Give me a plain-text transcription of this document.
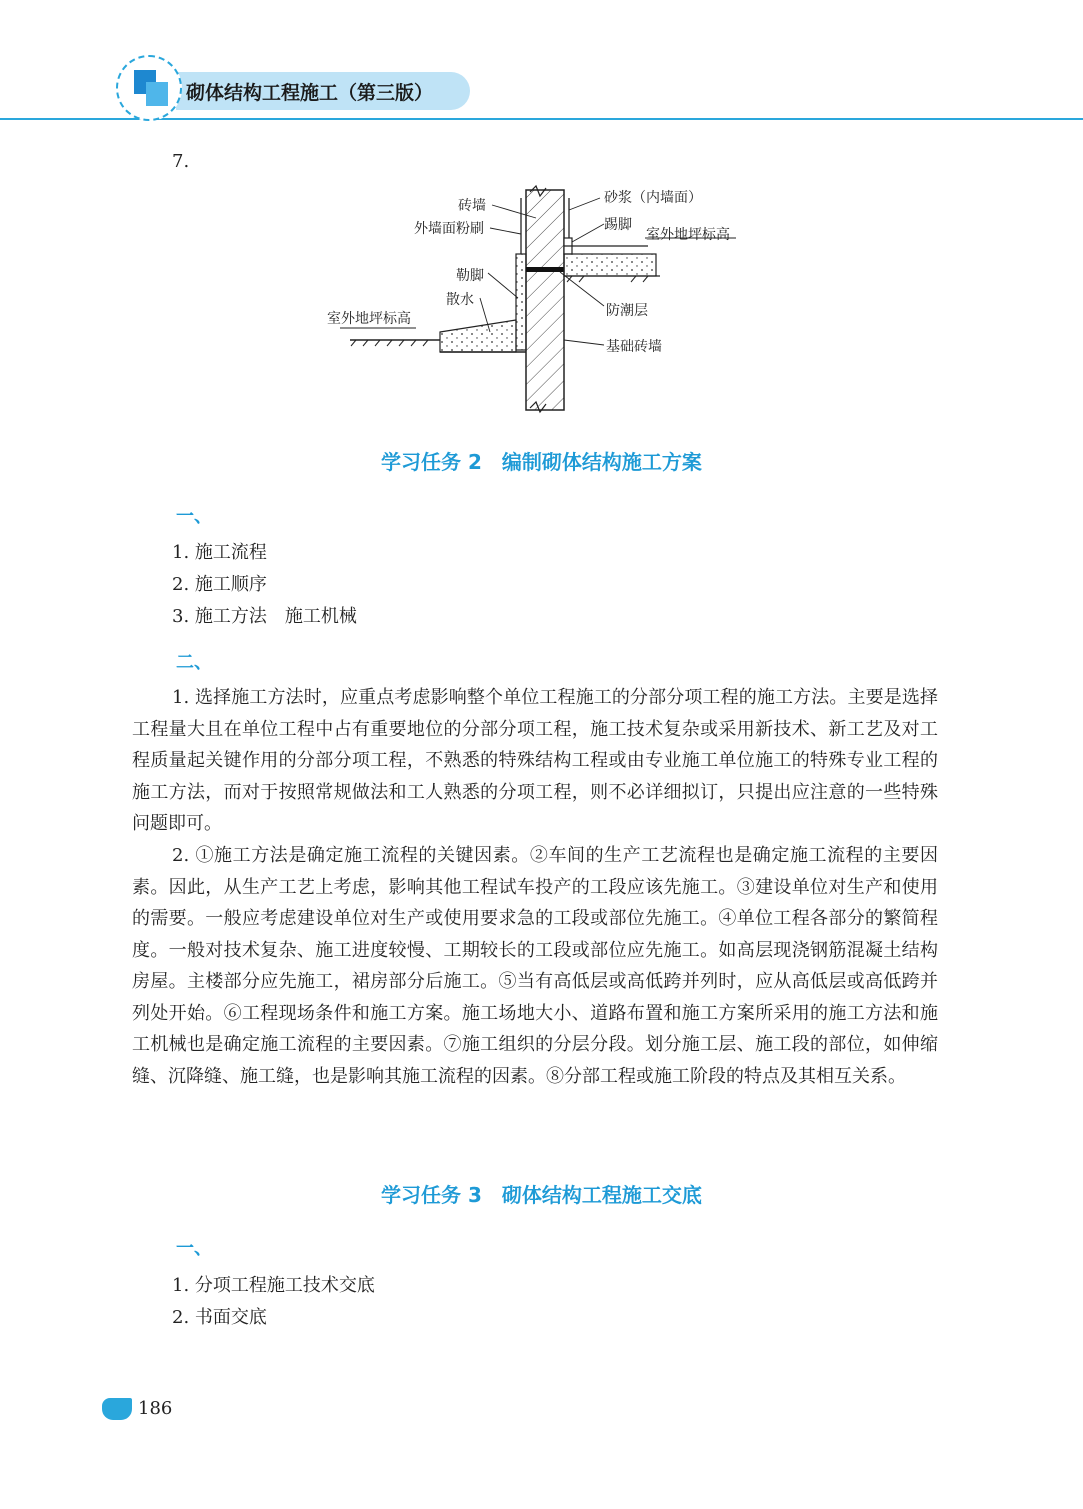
砌体结构工程施工（第三版）
7.
砖墙
外墙面粉刷
砂浆（内墙面）
踢脚
室外地坪标高
勒脚
散水
防潮层
室外地坪标高
基础砖墙
学习任务 2　编制砌体结构施工方案
一、
1. 施工流程
2. 施工顺序
3. 施工方法　施工机械
二、
1. 选择施工方法时，应重点考虑影响整个单位工程施工的分部分项工程的施工方法。主要是选择工程量大且在单位工程中占有重要地位的分部分项工程，施工技术复杂或采用新技术、新工艺及对工程质量起关键作用的分部分项工程，不熟悉的特殊结构工程或由专业施工单位施工的特殊专业工程的施工方法，而对于按照常规做法和工人熟悉的分项工程，则不必详细拟订，只提出应注意的一些特殊问题即可。
2. ①施工方法是确定施工流程的关键因素。②车间的生产工艺流程也是确定施工流程的主要因素。因此，从生产工艺上考虑，影响其他工程试车投产的工段应该先施工。③建设单位对生产和使用的需要。一般应考虑建设单位对生产或使用要求急的工段或部位先施工。④单位工程各部分的繁简程度。一般对技术复杂、施工进度较慢、工期较长的工段或部位应先施工。如高层现浇钢筋混凝土结构房屋。主楼部分应先施工，裙房部分后施工。⑤当有高低层或高低跨并列时，应从高低层或高低跨并列处开始。⑥工程现场条件和施工方案。施工场地大小、道路布置和施工方案所采用的施工方法和施工机械也是确定施工流程的主要因素。⑦施工组织的分层分段。划分施工层、施工段的部位，如伸缩缝、沉降缝、施工缝，也是影响其施工流程的因素。⑧分部工程或施工阶段的特点及其相互关系。
学习任务 3　砌体结构工程施工交底
一、
1. 分项工程施工技术交底
2. 书面交底
186
